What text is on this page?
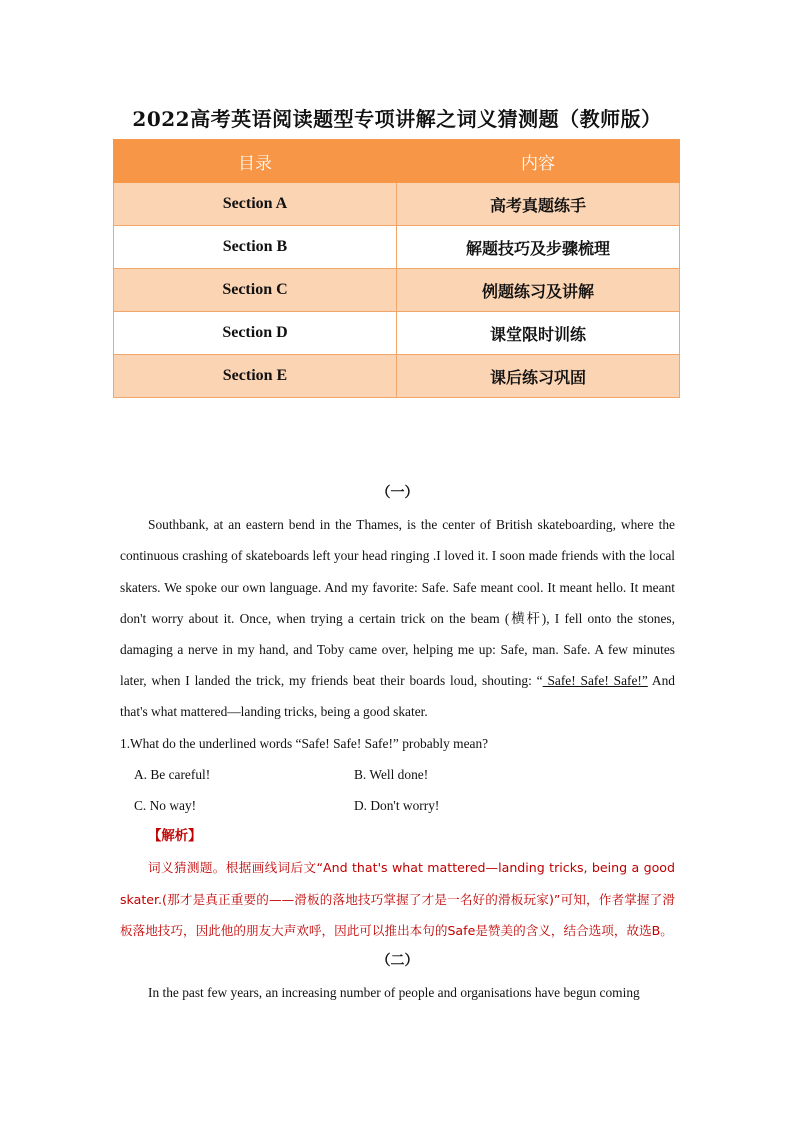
2022高考英语阅读题型专项讲解之词义猜测题（教师版）
目录	内容
Section A	高考真题练手
Section B	解题技巧及步骤梳理
Section C	例题练习及讲解
Section D	课堂限时训练
Section E	课后练习巩固
（一）

Southbank, at an eastern bend in the Thames, is the center of British skateboarding, where the continuous crashing of skateboards left your head ringing .I loved it. I soon made friends with the local skaters. We spoke our own language. And my favorite: Safe. Safe meant cool. It meant hello. It meant don't worry about it. Once, when trying a certain trick on the beam (横杆), I fell onto the stones, damaging a nerve in my hand, and Toby came over, helping me up: Safe, man. Safe. A few minutes later, when I landed the trick, my friends beat their boards loud, shouting: “ Safe! Safe! Safe!” And that's what mattered—landing tricks, being a good skater.

1.What do the underlined words “Safe! Safe! Safe!” probably mean?

A. Be careful!	B. Well done!
C. No way!	D. Don't worry!
【解析】

词义猜测题。根据画线词后文“And that's what mattered—landing tricks, being a good skater.(那才是真正重要的——滑板的落地技巧掌握了才是一名好的滑板玩家)”可知，作者掌握了滑板落地技巧，因此他的朋友大声欢呼，因此可以推出本句的Safe是赞美的含义，结合选项，故选B。

（二）

In the past few years, an increasing number of people and organisations have begun coming
